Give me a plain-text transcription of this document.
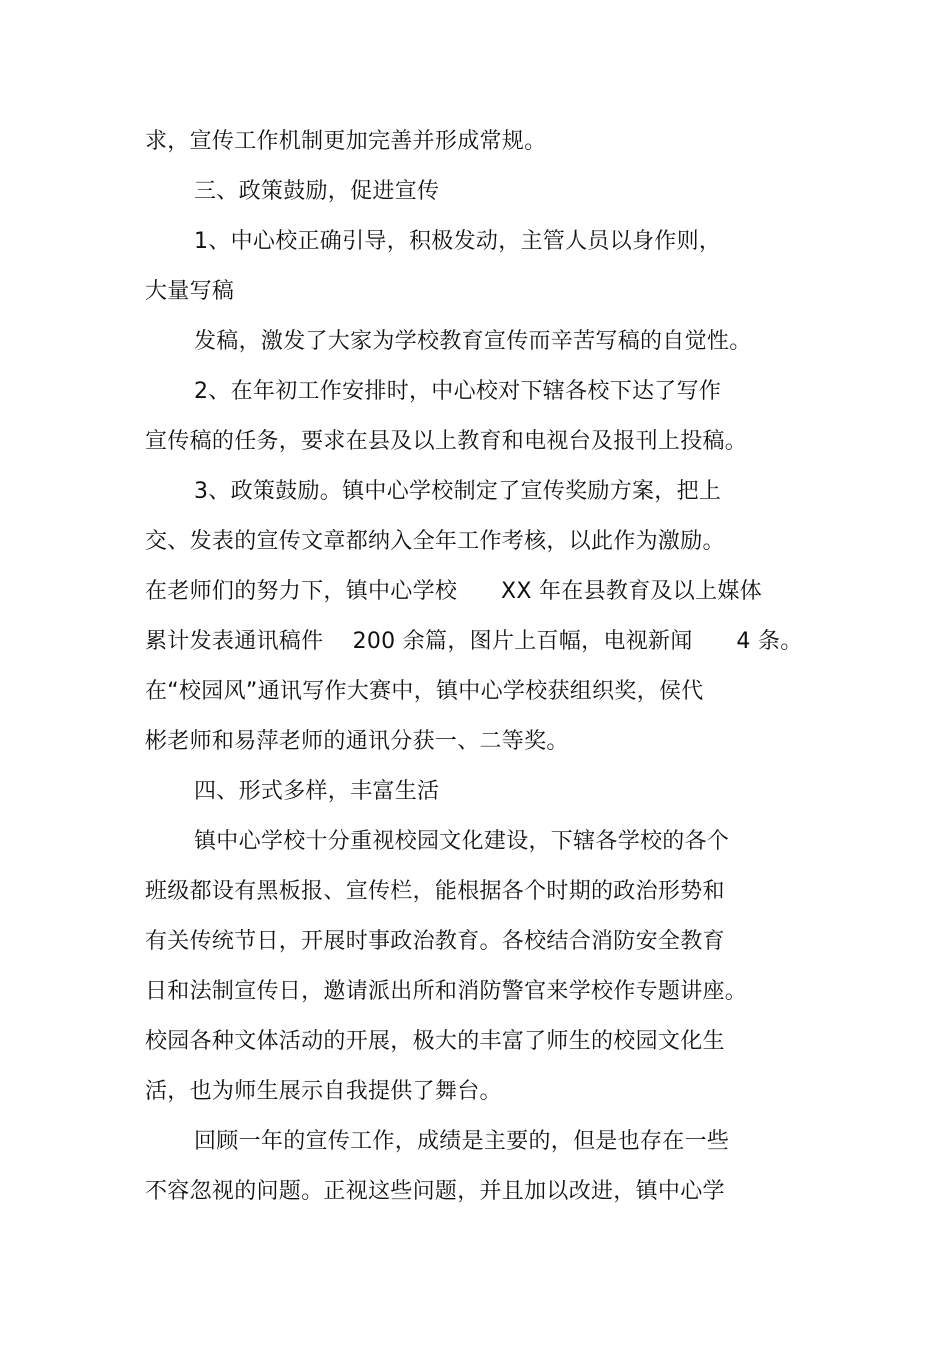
求，宣传工作机制更加完善并形成常规。
三、政策鼓励，促进宣传
1、中心校正确引导，积极发动，主管人员以身作则，
大量写稿
发稿，激发了大家为学校教育宣传而辛苦写稿的自觉性。
2、在年初工作安排时，中心校对下辖各校下达了写作
宣传稿的任务，要求在县及以上教育和电视台及报刊上投稿。
3、政策鼓励。镇中心学校制定了宣传奖励方案，把上
交、发表的宣传文章都纳入全年工作考核，以此作为激励。
在老师们的努力下，镇中心学校      XX 年在县教育及以上媒体
累计发表通讯稿件    200 余篇，图片上百幅，电视新闻      4 条。
在“校园风”通讯写作大赛中，镇中心学校获组织奖，侯代
彬老师和易萍老师的通讯分获一、二等奖。
四、形式多样，丰富生活
镇中心学校十分重视校园文化建设，下辖各学校的各个
班级都设有黑板报、宣传栏，能根据各个时期的政治形势和
有关传统节日，开展时事政治教育。各校结合消防安全教育
日和法制宣传日，邀请派出所和消防警官来学校作专题讲座。
校园各种文体活动的开展，极大的丰富了师生的校园文化生
活，也为师生展示自我提供了舞台。
回顾一年的宣传工作，成绩是主要的，但是也存在一些
不容忽视的问题。正视这些问题，并且加以改进，镇中心学
